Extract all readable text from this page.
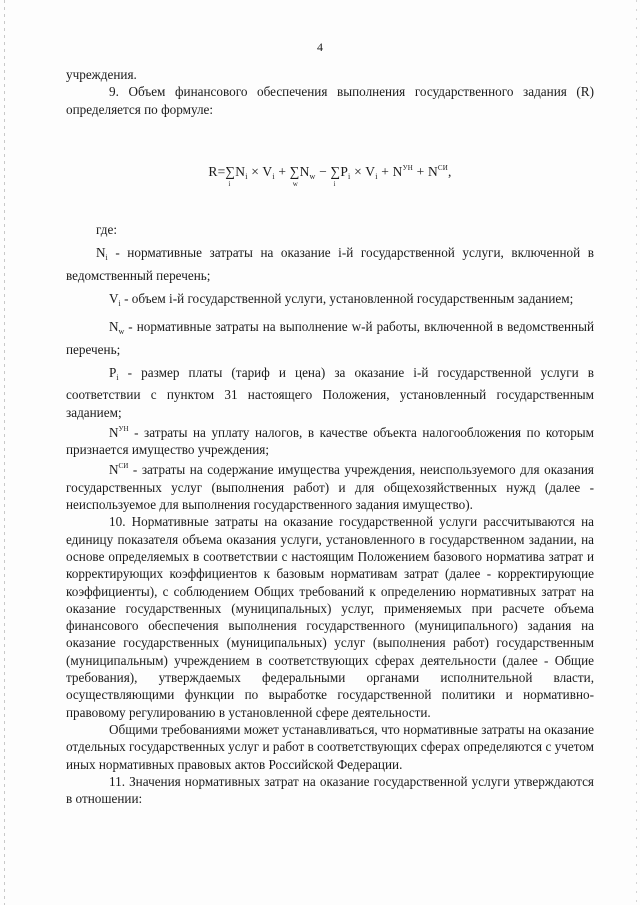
4

учреждения.

9. Объем финансового обеспечения выполнения государственного задания (R) определяется по формуле:

R=∑
i
$N_i \times V_i$ + ∑
w
$N_w$ − ∑
i
$P_i \times V_i + N^{УН} + N^{СИ}$,

где:

$N_i$ - нормативные затраты на оказание i-й государственной услуги, включенной в ведомственный перечень;

$V_i$ - объем i-й государственной услуги, установленной государственным заданием;

$N_w$ - нормативные затраты на выполнение w-й работы, включенной в ведомственный перечень;

$P_i$ - размер платы (тариф и цена) за оказание i-й государственной услуги в соответствии с пунктом 31 настоящего Положения, установленный государственным заданием;

$N^{УН}$ - затраты на уплату налогов, в качестве объекта налогообложения по которым признается имущество учреждения;

$N^{СИ}$ - затраты на содержание имущества учреждения, неиспользуемого для оказания государственных услуг (выполнения работ) и для общехозяйственных нужд (далее - неиспользуемое для выполнения государственного задания имущество).

10. Нормативные затраты на оказание государственной услуги рассчитываются на единицу показателя объема оказания услуги, установленного в государственном задании, на основе определяемых в соответствии с настоящим Положением базового норматива затрат и корректирующих коэффициентов к базовым нормативам затрат (далее - корректирующие коэффициенты), с соблюдением Общих требований к определению нормативных затрат на оказание государственных (муниципальных) услуг, применяемых при расчете объема финансового обеспечения выполнения государственного (муниципального) задания на оказание государственных (муниципальных) услуг (выполнения работ) государственным (муниципальным) учреждением в соответствующих сферах деятельности (далее - Общие требования), утверждаемых федеральными органами исполнительной власти, осуществляющими функции по выработке государственной политики и нормативно-правовому регулированию в установленной сфере деятельности.

Общими требованиями может устанавливаться, что нормативные затраты на оказание отдельных государственных услуг и работ в соответствующих сферах определяются с учетом иных нормативных правовых актов Российской Федерации.

11. Значения нормативных затрат на оказание государственной услуги утверждаются в отношении:
